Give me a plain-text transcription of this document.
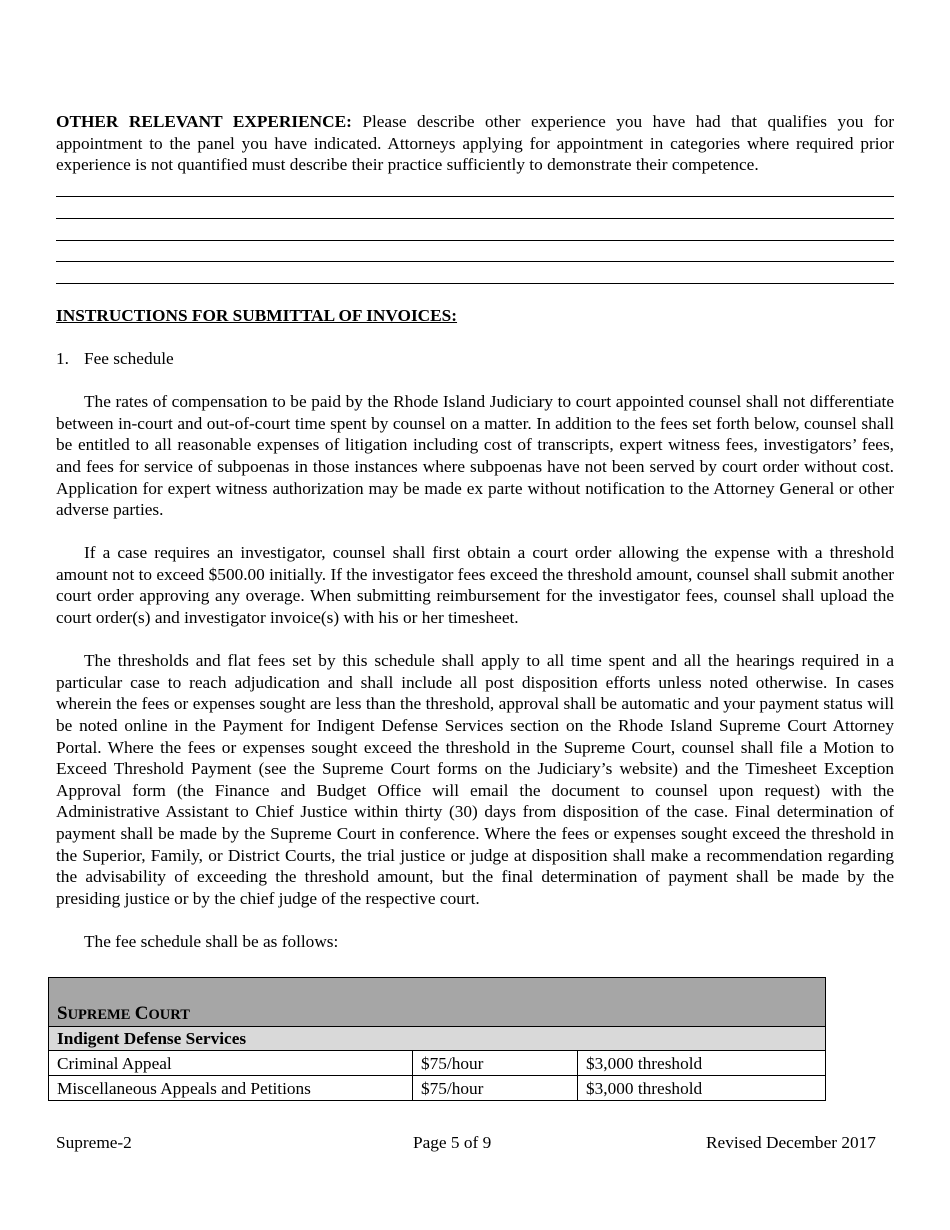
OTHER RELEVANT EXPERIENCE: Please describe other experience you have had that qualifies you for appointment to the panel you have indicated. Attorneys applying for appointment in categories where required prior experience is not quantified must describe their practice sufficiently to demonstrate their competence.

INSTRUCTIONS FOR SUBMITTAL OF INVOICES:

1. Fee schedule

The rates of compensation to be paid by the Rhode Island Judiciary to court appointed counsel shall not differentiate between in-court and out-of-court time spent by counsel on a matter. In addition to the fees set forth below, counsel shall be entitled to all reasonable expenses of litigation including cost of transcripts, expert witness fees, investigators’ fees, and fees for service of subpoenas in those instances where subpoenas have not been served by court order without cost. Application for expert witness authorization may be made ex parte without notification to the Attorney General or other adverse parties.

If a case requires an investigator, counsel shall first obtain a court order allowing the expense with a threshold amount not to exceed $500.00 initially. If the investigator fees exceed the threshold amount, counsel shall submit another court order approving any overage. When submitting reimbursement for the investigator fees, counsel shall upload the court order(s) and investigator invoice(s) with his or her timesheet.

The thresholds and flat fees set by this schedule shall apply to all time spent and all the hearings required in a particular case to reach adjudication and shall include all post disposition efforts unless noted otherwise. In cases wherein the fees or expenses sought are less than the threshold, approval shall be automatic and your payment status will be noted online in the Payment for Indigent Defense Services section on the Rhode Island Supreme Court Attorney Portal. Where the fees or expenses sought exceed the threshold in the Supreme Court, counsel shall file a Motion to Exceed Threshold Payment (see the Supreme Court forms on the Judiciary’s website) and the Timesheet Exception Approval form (the Finance and Budget Office will email the document to counsel upon request) with the Administrative Assistant to Chief Justice within thirty (30) days from disposition of the case. Final determination of payment shall be made by the Supreme Court in conference. Where the fees or expenses sought exceed the threshold in the Superior, Family, or District Courts, the trial justice or judge at disposition shall make a recommendation regarding the advisability of exceeding the threshold amount, but the final determination of payment shall be made by the presiding justice or by the chief judge of the respective court.

The fee schedule shall be as follows:

SUPREME COURT		
Indigent Defense Services		
Criminal Appeal	$75/hour	$3,000 threshold
Miscellaneous Appeals and Petitions	$75/hour	$3,000 threshold
Supreme-2	Page 5 of 9	Revised December 2017
